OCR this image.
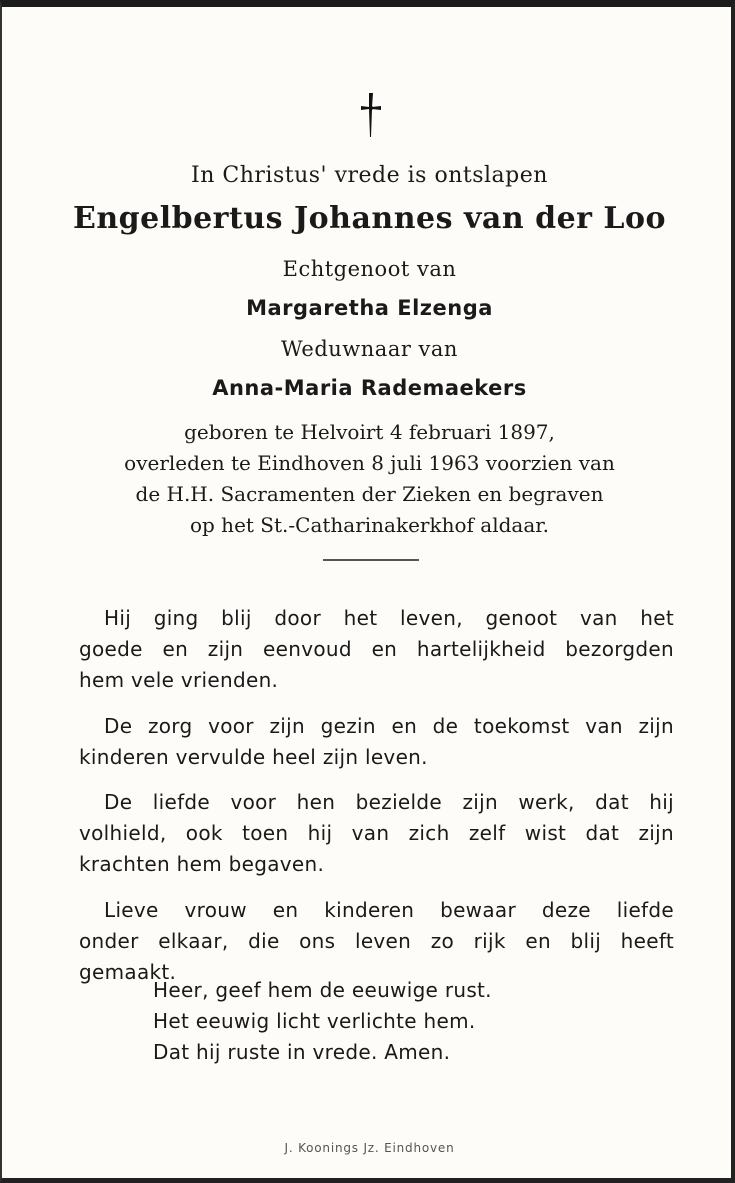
In Christus' vrede is ontslapen
Engelbertus Johannes van der Loo
Echtgenoot van
Margaretha Elzenga
Weduwnaar van
Anna-Maria Rademaekers
geboren te Helvoirt 4 februari 1897,
overleden te Eindhoven 8 juli 1963 voorzien van
de H.H. Sacramenten der Zieken en begraven
op het St.-Catharinakerkhof aldaar.
Hij ging blij door het leven, genoot van het
goede en zijn eenvoud en hartelijkheid bezorgden
hem vele vrienden.
De zorg voor zijn gezin en de toekomst van zijn
kinderen vervulde heel zijn leven.
De liefde voor hen bezielde zijn werk, dat hij
volhield, ook toen hij van zich zelf wist dat zijn
krachten hem begaven.
Lieve vrouw en kinderen bewaar deze liefde
onder elkaar, die ons leven zo rijk en blij heeft
gemaakt.
Heer, geef hem de eeuwige rust.
Het eeuwig licht verlichte hem.
Dat hij ruste in vrede. Amen.
J. Koonings Jz. Eindhoven
